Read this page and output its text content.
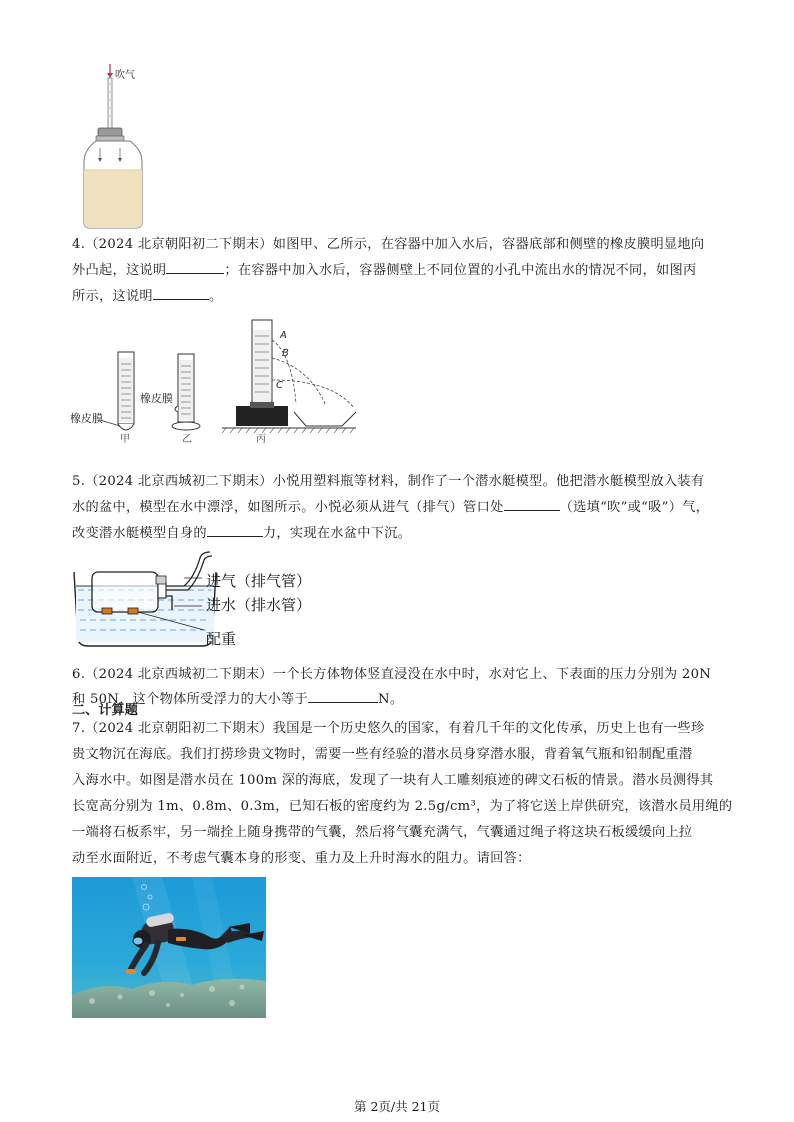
吹气
4.（2024 北京朝阳初二下期末）如图甲、乙所示，在容器中加入水后，容器底部和侧壁的橡皮膜明显地向
外凸起，这说明	；在容器中加入水后，容器侧壁上不同位置的小孔中流出水的情况不同，如图丙
所示，这说明	。
橡皮膜
甲
橡皮膜
乙
A
B
C
丙
5.（2024 北京西城初二下期末）小悦用塑料瓶等材料，制作了一个潜水艇模型。他把潜水艇模型放入装有
水的盆中，模型在水中漂浮，如图所示。小悦必须从进气（排气）管口处	（选填“吹”或“吸”）气，
改变潜水艇模型自身的	力，实现在水盆中下沉。
进气（排气管）
进水（排水管）
配重
6.（2024 北京西城初二下期末）一个长方体物体竖直浸没在水中时，水对它上、下表面的压力分别为 20N
和 50N，这个物体所受浮力的大小等于	N。
二、计算题
7.（2024 北京朝阳初二下期末）我国是一个历史悠久的国家，有着几千年的文化传承，历史上也有一些珍
贵文物沉在海底。我们打捞珍贵文物时，需要一些有经验的潜水员身穿潜水服，背着氧气瓶和铅制配重潜
入海水中。如图是潜水员在 100m 深的海底，发现了一块有人工雕刻痕迹的碑文石板的情景。潜水员测得其
长宽高分别为 1m、0.8m、0.3m，已知石板的密度约为 2.5g/cm³，为了将它送上岸供研究，该潜水员用绳的
一端将石板系牢，另一端拴上随身携带的气囊，然后将气囊充满气，气囊通过绳子将这块石板缓缓向上拉
动至水面附近，不考虑气囊本身的形变、重力及上升时海水的阻力。请回答：
第 2页/共 21页
